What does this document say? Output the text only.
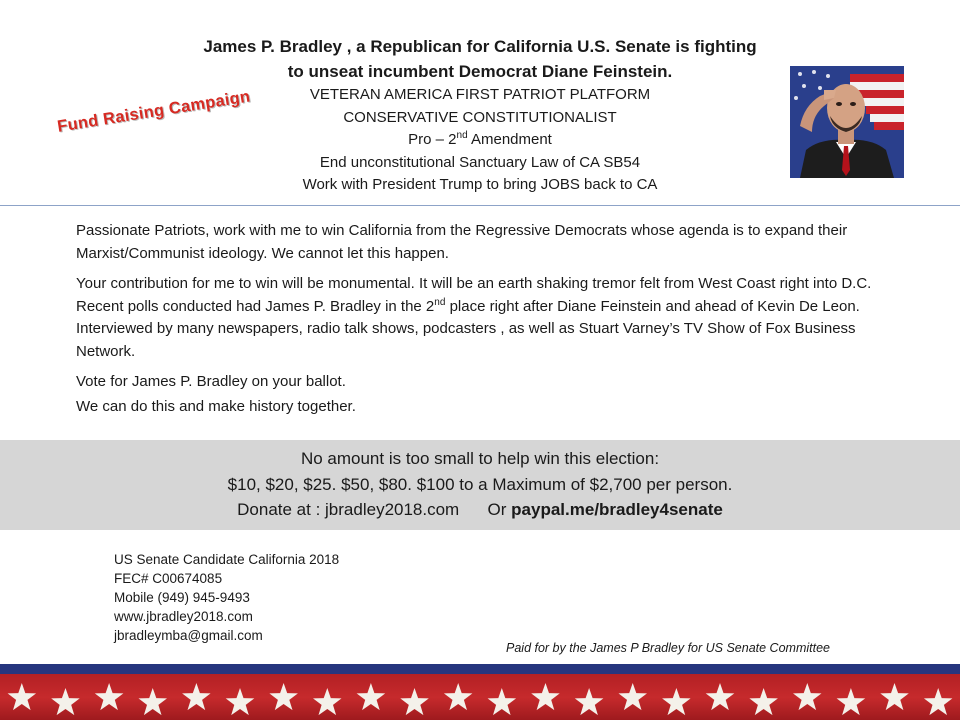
James P. Bradley , a Republican for California U.S. Senate is fighting
to unseat incumbent Democrat Diane Feinstein.
VETERAN AMERICA FIRST PATRIOT PLATFORM
CONSERVATIVE CONSTITUTIONALIST
Pro – 2nd Amendment
End unconstitutional Sanctuary Law of CA SB54
Work with President Trump to bring JOBS back to CA
Fund Raising Campaign

Passionate Patriots, work with me to win California from the Regressive Democrats whose agenda is to expand their Marxist/Communist ideology. We cannot let this happen.

Your contribution for me to win will be monumental. It will be an earth shaking tremor felt from West Coast right into D.C. Recent polls conducted had James P. Bradley in the 2nd place right after Diane Feinstein and ahead of Kevin De Leon. Interviewed by many newspapers, radio talk shows, podcasters , as well as Stuart Varney’s TV Show of Fox Business Network.

Vote for James P. Bradley on your ballot.

We can do this and make history together.

No amount is too small to help win this election:
$10, $20, $25. $50, $80. $100 to a Maximum of $2,700 per person.
Donate at : jbradley2018.com      Or paypal.me/bradley4senate
US Senate Candidate California 2018
FEC# C00674085
Mobile (949) 945-9493
www.jbradley2018.com
jbradleymba@gmail.com
Paid for by the James P Bradley for US Senate Committee
